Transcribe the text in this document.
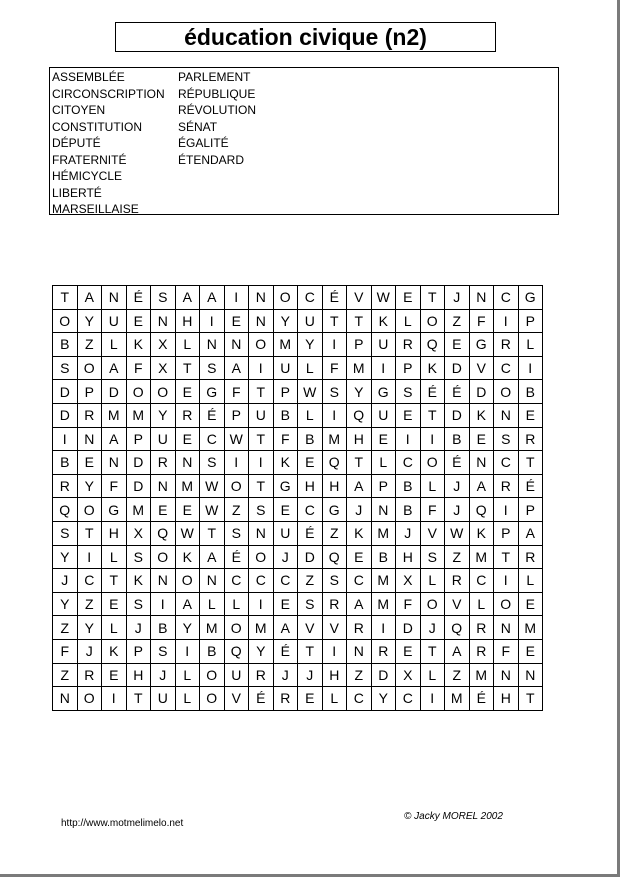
éducation civique (n2)
ASSEMBLÉE
CIRCONSCRIPTION
CITOYEN
CONSTITUTION
DÉPUTÉ
FRATERNITÉ
HÉMICYCLE
LIBERTÉ
MARSEILLAISE
PARLEMENT
RÉPUBLIQUE
RÉVOLUTION
SÉNAT
ÉGALITÉ
ÉTENDARD
T	A	N	É	S	A	A	I	N	O	C	É	V	W	E	T	J	N	C	G
O	Y	U	E	N	H	I	E	N	Y	U	T	T	K	L	O	Z	F	I	P
B	Z	L	K	X	L	N	N	O	M	Y	I	P	U	R	Q	E	G	R	L
S	O	A	F	X	T	S	A	I	U	L	F	M	I	P	K	D	V	C	I
D	P	D	O	O	E	G	F	T	P	W	S	Y	G	S	É	É	D	O	B
D	R	M	M	Y	R	É	P	U	B	L	I	Q	U	E	T	D	K	N	E
I	N	A	P	U	E	C	W	T	F	B	M	H	E	I	I	B	E	S	R
B	E	N	D	R	N	S	I	I	K	E	Q	T	L	C	O	É	N	C	T
R	Y	F	D	N	M	W	O	T	G	H	H	A	P	B	L	J	A	R	É
Q	O	G	M	E	E	W	Z	S	E	C	G	J	N	B	F	J	Q	I	P
S	T	H	X	Q	W	T	S	N	U	É	Z	K	M	J	V	W	K	P	A
Y	I	L	S	O	K	A	É	O	J	D	Q	E	B	H	S	Z	M	T	R
J	C	T	K	N	O	N	C	C	C	Z	S	C	M	X	L	R	C	I	L
Y	Z	E	S	I	A	L	L	I	E	S	R	A	M	F	O	V	L	O	E
Z	Y	L	J	B	Y	M	O	M	A	V	V	R	I	D	J	Q	R	N	M
F	J	K	P	S	I	B	Q	Y	É	T	I	N	R	E	T	A	R	F	E
Z	R	E	H	J	L	O	U	R	J	J	H	Z	D	X	L	Z	M	N	N
N	O	I	T	U	L	O	V	É	R	E	L	C	Y	C	I	M	É	H	T
http://www.motmelimelo.net
© Jacky MOREL 2002
